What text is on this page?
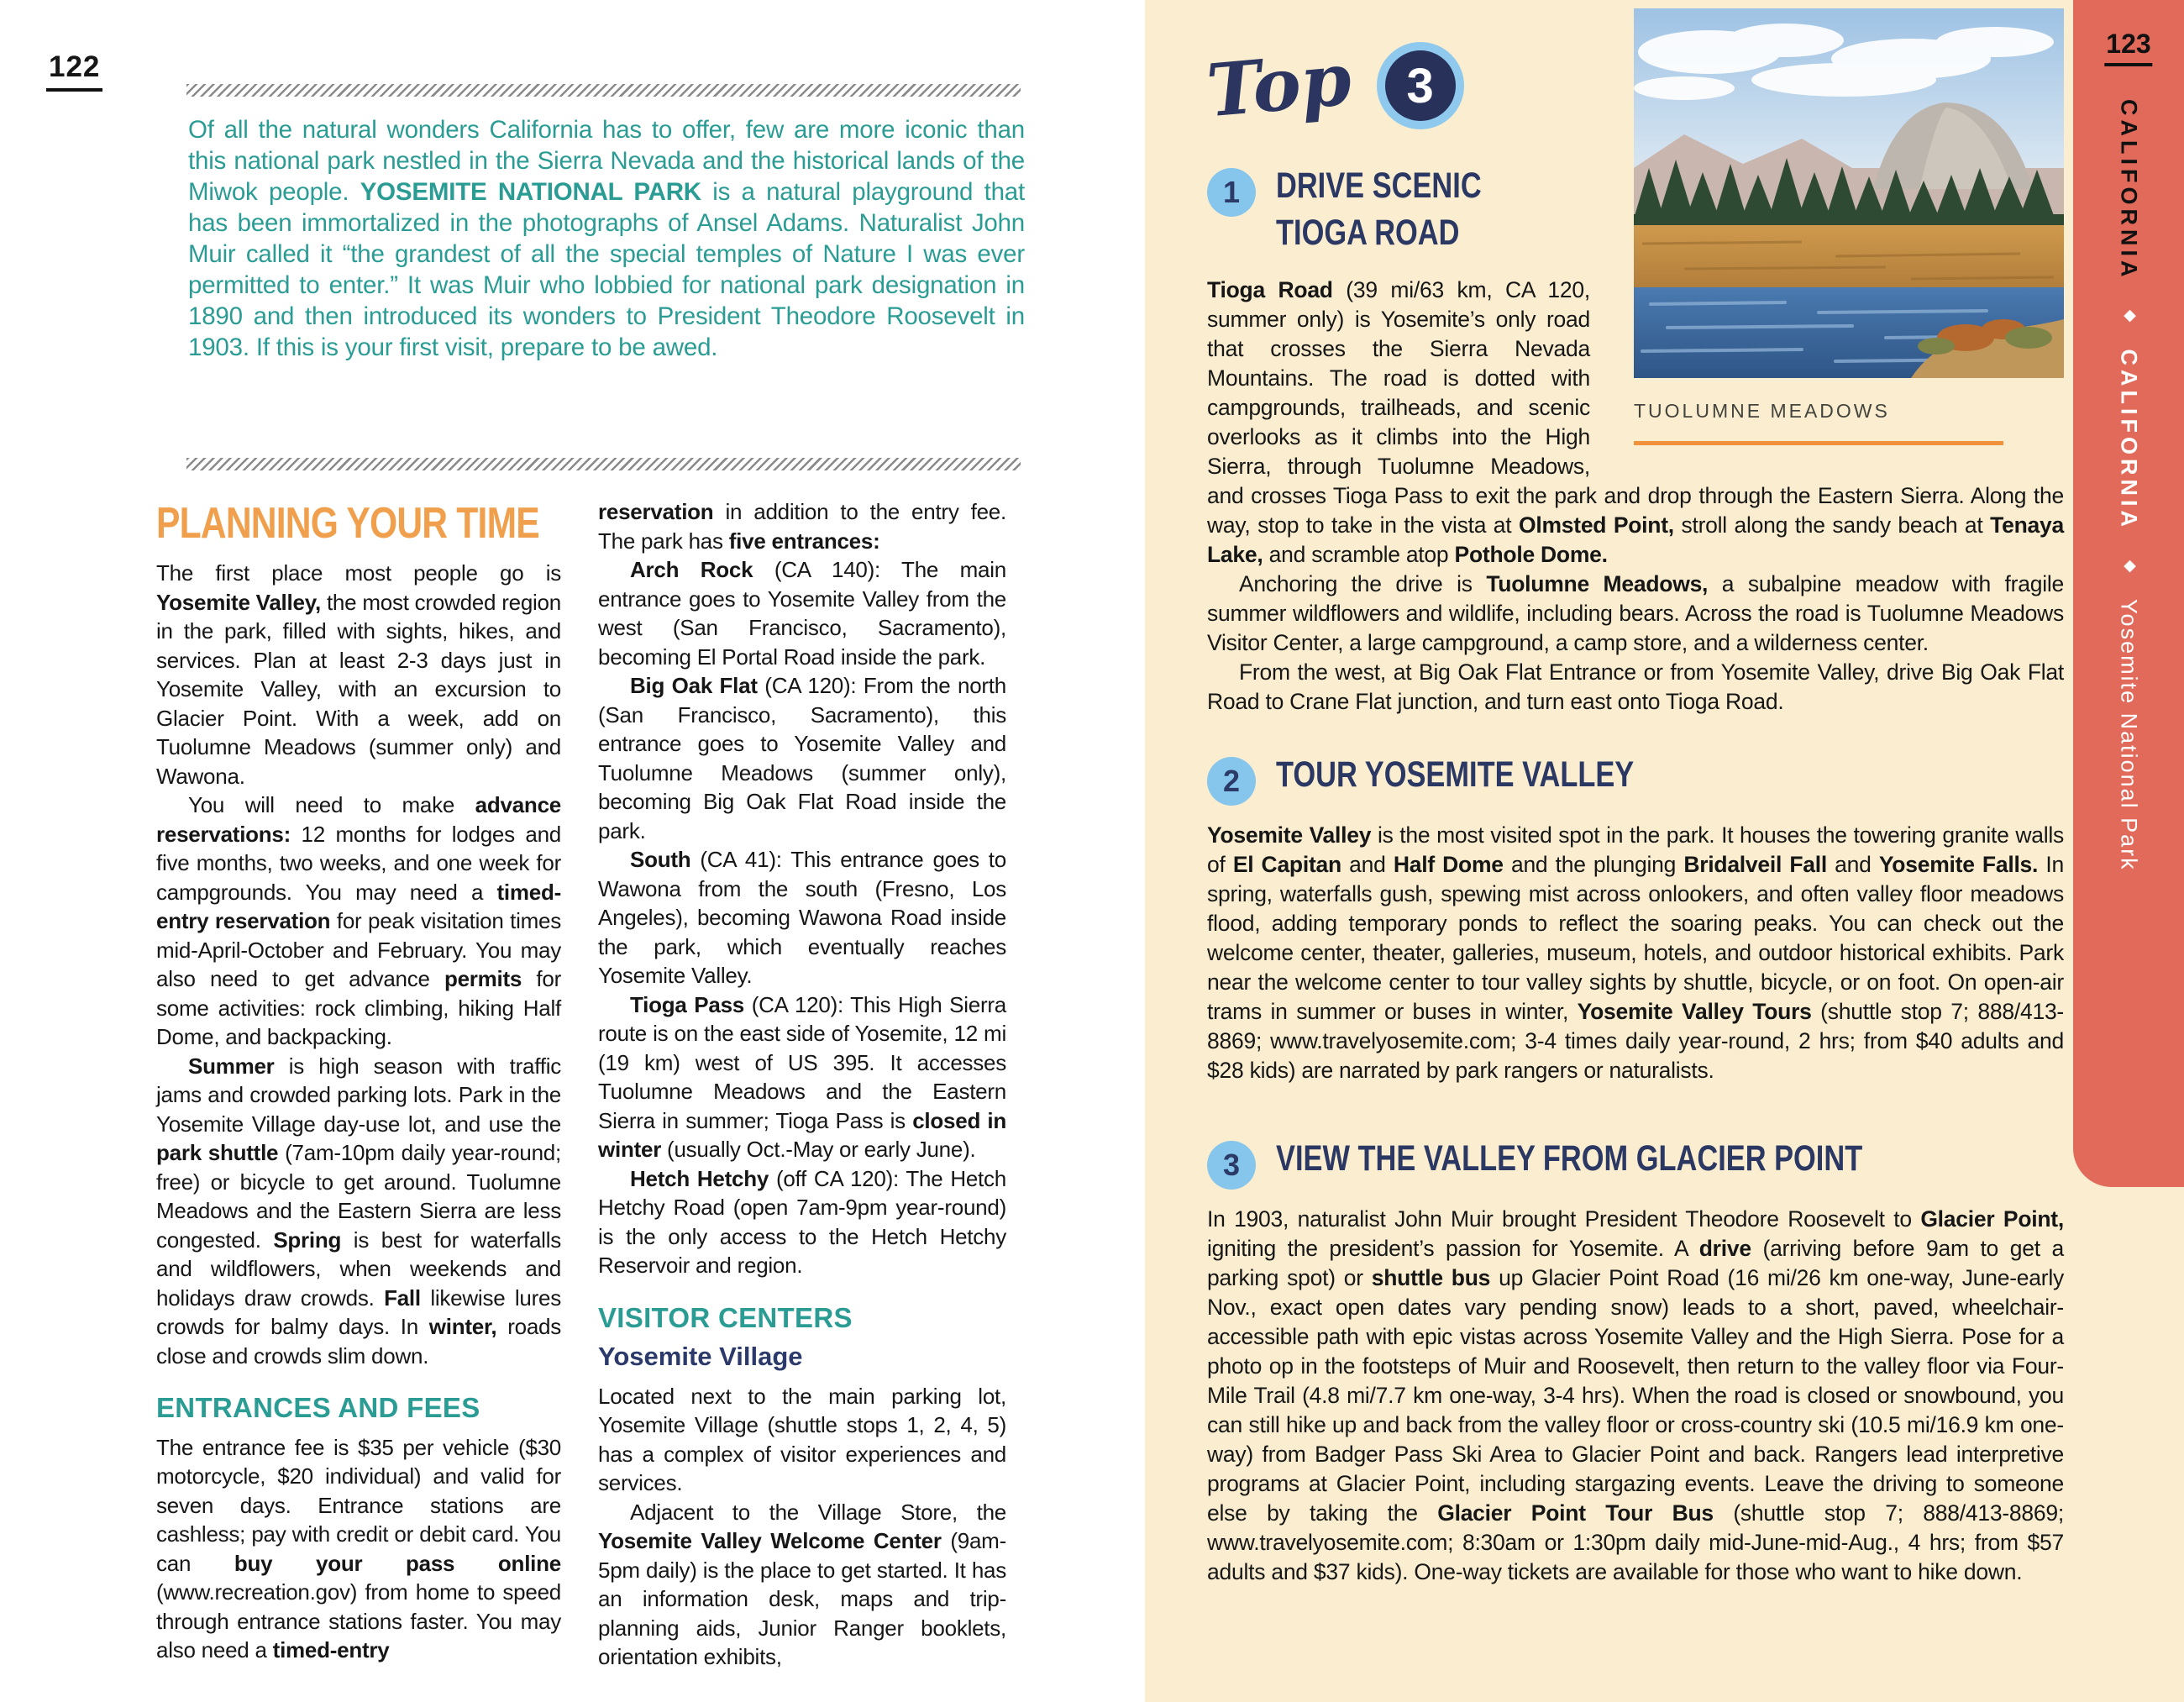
122
Of all the natural wonders California has to offer, few are more iconic than this national park nestled in the Sierra Nevada and the historical lands of the Miwok people. YOSEMITE NATIONAL PARK is a natural playground that has been immortalized in the photographs of Ansel Adams. Naturalist John Muir called it “the grandest of all the special temples of Nature I was ever permitted to enter.” It was Muir who lobbied for national park designation in 1890 and then introduced its wonders to President Theodore Roosevelt in 1903. If this is your first visit, prepare to be awed.
PLANNING YOUR TIME

The first place most people go is Yosemite Valley, the most crowded region in the park, filled with sights, hikes, and services. Plan at least 2-3 days just in Yosemite Valley, with an excursion to Glacier Point. With a week, add on Tuolumne Meadows (summer only) and Wawona.

You will need to make advance reservations: 12 months for lodges and five months, two weeks, and one week for campgrounds. You may need a timed-entry reservation for peak visitation times mid-April-October and February. You may also need to get advance permits for some activities: rock climbing, hiking Half Dome, and backpacking.

Summer is high season with traffic jams and crowded parking lots. Park in the Yosemite Village day-use lot, and use the park shuttle (7am-10pm daily year-round; free) or bicycle to get around. Tuolumne Meadows and the Eastern Sierra are less congested. Spring is best for waterfalls and wildflowers, when weekends and holidays draw crowds. Fall likewise lures crowds for balmy days. In winter, roads close and crowds slim down.

ENTRANCES AND FEES

The entrance fee is $35 per vehicle ($30 motorcycle, $20 individual) and valid for seven days. Entrance stations are cashless; pay with credit or debit card. You can buy your pass online (www.recreation.gov) from home to speed through entrance stations faster. You may also need a timed-entry

reservation in addition to the entry fee. The park has five entrances:

Arch Rock (CA 140): The main entrance goes to Yosemite Valley from the west (San Francisco, Sacramento), becoming El Portal Road inside the park.

Big Oak Flat (CA 120): From the north (San Francisco, Sacramento), this entrance goes to Yosemite Valley and Tuolumne Meadows (summer only), becoming Big Oak Flat Road inside the park.

South (CA 41): This entrance goes to Wawona from the south (Fresno, Los Angeles), becoming Wawona Road inside the park, which eventually reaches Yosemite Valley.

Tioga Pass (CA 120): This High Sierra route is on the east side of Yosemite, 12 mi (19 km) west of US 395. It accesses Tuolumne Meadows and the Eastern Sierra in summer; Tioga Pass is closed in winter (usually Oct.-May or early June).

Hetch Hetchy (off CA 120): The Hetch Hetchy Road (open 7am-9pm year-round) is the only access to the Hetch Hetchy Reservoir and region.

VISITOR CENTERS
Yosemite Village

Located next to the main parking lot, Yosemite Village (shuttle stops 1, 2, 4, 5) has a complex of visitor experiences and services.

Adjacent to the Village Store, the Yosemite Valley Welcome Center (9am-5pm daily) is the place to get started. It has an information desk, maps and trip-planning aids, Junior Ranger booklets, orientation exhibits,

TUOLUMNE MEADOWS
Top	3
1 DRIVE SCENIC
TIOGA ROAD

Tioga Road (39 mi/63 km, CA 120, summer only) is Yosemite’s only road that crosses the Sierra Nevada Mountains. The road is dotted with campgrounds, trailheads, and scenic overlooks as it climbs into the High Sierra, through Tuolumne Meadows, and crosses Tioga Pass to exit the park and drop through the Eastern Sierra. Along the way, stop to take in the vista at Olmsted Point, stroll along the sandy beach at Tenaya Lake, and scramble atop Pothole Dome.

Anchoring the drive is Tuolumne Meadows, a subalpine meadow with fragile summer wildflowers and wildlife, including bears. Across the road is Tuolumne Meadows Visitor Center, a large campground, a camp store, and a wilderness center.

From the west, at Big Oak Flat Entrance or from Yosemite Valley, drive Big Oak Flat Road to Crane Flat junction, and turn east onto Tioga Road.

2 TOUR YOSEMITE VALLEY

Yosemite Valley is the most visited spot in the park. It houses the towering granite walls of El Capitan and Half Dome and the plunging Bridalveil Fall and Yosemite Falls. In spring, waterfalls gush, spewing mist across onlookers, and often valley floor meadows flood, adding temporary ponds to reflect the soaring peaks. You can check out the welcome center, theater, galleries, museum, hotels, and outdoor historical exhibits. Park near the welcome center to tour valley sights by shuttle, bicycle, or on foot. On open-air trams in summer or buses in winter, Yosemite Valley Tours (shuttle stop 7; 888/413-8869; www.travelyosemite.com; 3-4 times daily year-round, 2 hrs; from $40 adults and $28 kids) are narrated by park rangers or naturalists.

3 VIEW THE VALLEY FROM GLACIER POINT

In 1903, naturalist John Muir brought President Theodore Roosevelt to Glacier Point, igniting the president’s passion for Yosemite. A drive (arriving before 9am to get a parking spot) or shuttle bus up Glacier Point Road (16 mi/26 km one-way, June-early Nov., exact open dates vary pending snow) leads to a short, paved, wheelchair-accessible path with epic vistas across Yosemite Valley and the High Sierra. Pose for a photo op in the footsteps of Muir and Roosevelt, then return to the valley floor via Four-Mile Trail (4.8 mi/7.7 km one-way, 3-4 hrs). When the road is closed or snowbound, you can still hike up and back from the valley floor or cross-country ski (10.5 mi/16.9 km one-way) from Badger Pass Ski Area to Glacier Point and back. Rangers lead interpretive programs at Glacier Point, including stargazing events. Leave the driving to someone else by taking the Glacier Point Tour Bus (shuttle stop 7; 888/413-8869; www.travelyosemite.com; 8:30am or 1:30pm daily mid-June-mid-Aug., 4 hrs; from $57 adults and $37 kids). One-way tickets are available for those who want to hike down.

123
CALIFORNIA ◆ CALIFORNIA ◆ Yosemite National Park
